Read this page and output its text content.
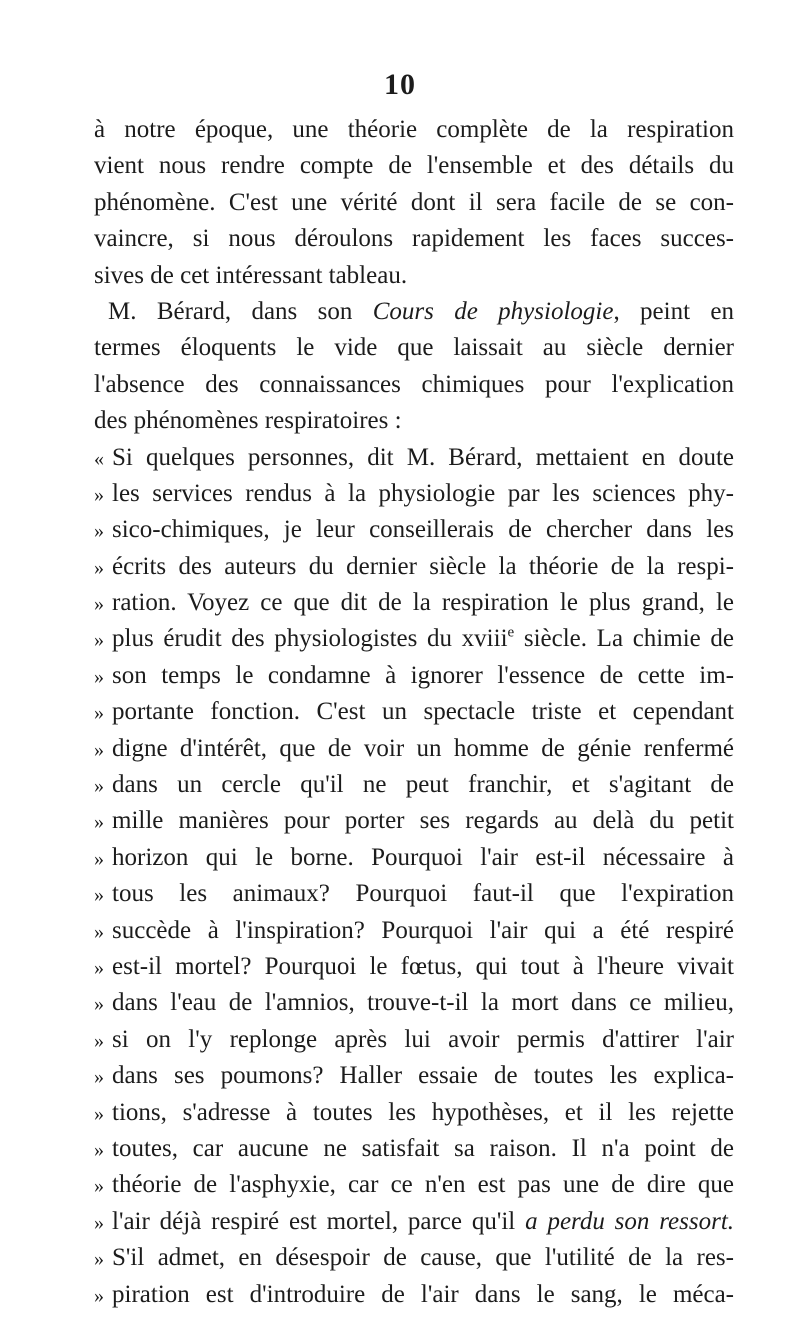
10
à notre époque, une théorie complète de la respiration
vient nous rendre compte de l'ensemble et des détails du
phénomène. C'est une vérité dont il sera facile de se con-
vaincre, si nous déroulons rapidement les faces succes-
sives de cet intéressant tableau.
M. Bérard, dans son Cours de physiologie, peint en
termes éloquents le vide que laissait au siècle dernier
l'absence des connaissances chimiques pour l'explication
des phénomènes respiratoires :
« Si quelques personnes, dit M. Bérard, mettaient en doute
» les services rendus à la physiologie par les sciences phy-
» sico-chimiques, je leur conseillerais de chercher dans les
» écrits des auteurs du dernier siècle la théorie de la respi-
» ration. Voyez ce que dit de la respiration le plus grand, le
» plus érudit des physiologistes du xviii$^e$ siècle. La chimie de
» son temps le condamne à ignorer l'essence de cette im-
» portante fonction. C'est un spectacle triste et cependant
» digne d'intérêt, que de voir un homme de génie renfermé
» dans un cercle qu'il ne peut franchir, et s'agitant de
» mille manières pour porter ses regards au delà du petit
» horizon qui le borne. Pourquoi l'air est-il nécessaire à
» tous les animaux? Pourquoi faut-il que l'expiration
» succède à l'inspiration? Pourquoi l'air qui a été respiré
» est-il mortel? Pourquoi le fœtus, qui tout à l'heure vivait
» dans l'eau de l'amnios, trouve-t-il la mort dans ce milieu,
» si on l'y replonge après lui avoir permis d'attirer l'air
» dans ses poumons? Haller essaie de toutes les explica-
» tions, s'adresse à toutes les hypothèses, et il les rejette
» toutes, car aucune ne satisfait sa raison. Il n'a point de
» théorie de l'asphyxie, car ce n'en est pas une de dire que
» l'air déjà respiré est mortel, parce qu'il a perdu son ressort.
» S'il admet, en désespoir de cause, que l'utilité de la res-
» piration est d'introduire de l'air dans le sang, le méca-
